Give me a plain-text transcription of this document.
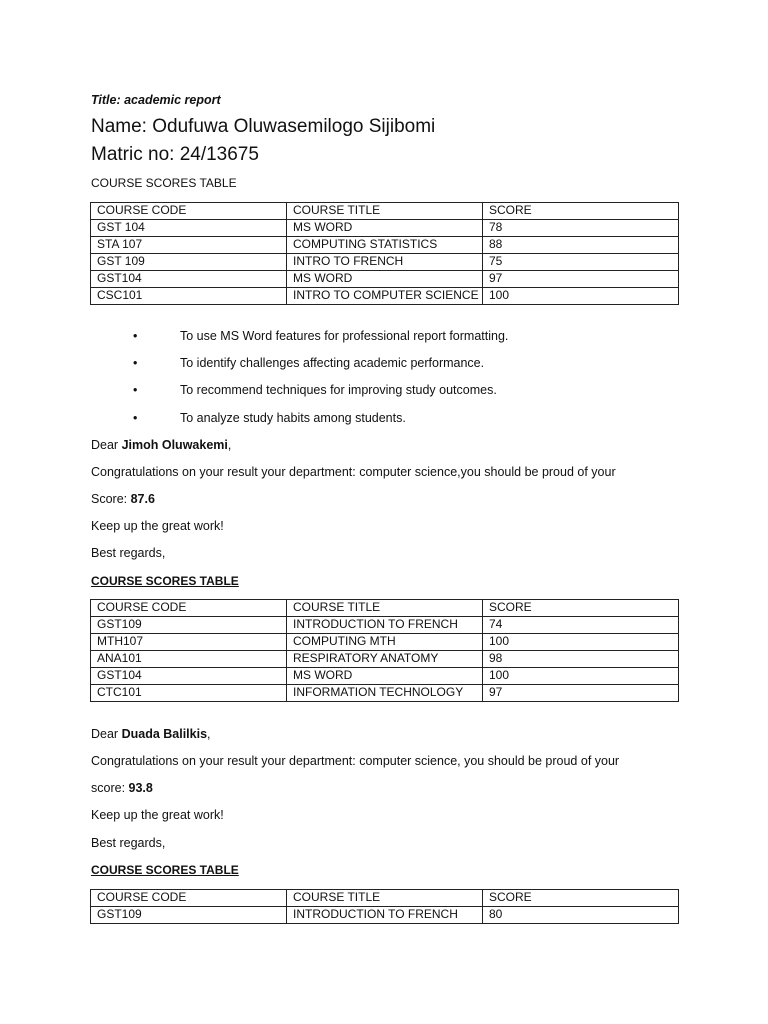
Title: academic report
Name: Odufuwa Oluwasemilogo Sijibomi
Matric no: 24/13675
COURSE SCORES TABLE
COURSE CODE	COURSE TITLE	SCORE
GST 104	MS WORD	78
STA 107	COMPUTING STATISTICS	88
GST 109	INTRO TO FRENCH	75
GST104	MS WORD	97
CSC101	INTRO TO COMPUTER SCIENCE	100
•	To use MS Word features for professional report formatting.
•	To identify challenges affecting academic performance.
•	To recommend techniques for improving study outcomes.
•	To analyze study habits among students.
Dear Jimoh Oluwakemi,
Congratulations on your result your department: computer science,you should be proud of your
Score: 87.6
Keep up the great work!
Best regards,
COURSE SCORES TABLE
COURSE CODE	COURSE TITLE	SCORE
GST109	INTRODUCTION TO FRENCH	74
MTH107	COMPUTING MTH	100
ANA101	RESPIRATORY ANATOMY	98
GST104	MS WORD	100
CTC101	INFORMATION TECHNOLOGY	97
Dear Duada Balilkis,
Congratulations on your result your department: computer science, you should be proud of your
score: 93.8
Keep up the great work!
Best regards,
COURSE SCORES TABLE
COURSE CODE	COURSE TITLE	SCORE
GST109	INTRODUCTION TO FRENCH	80
